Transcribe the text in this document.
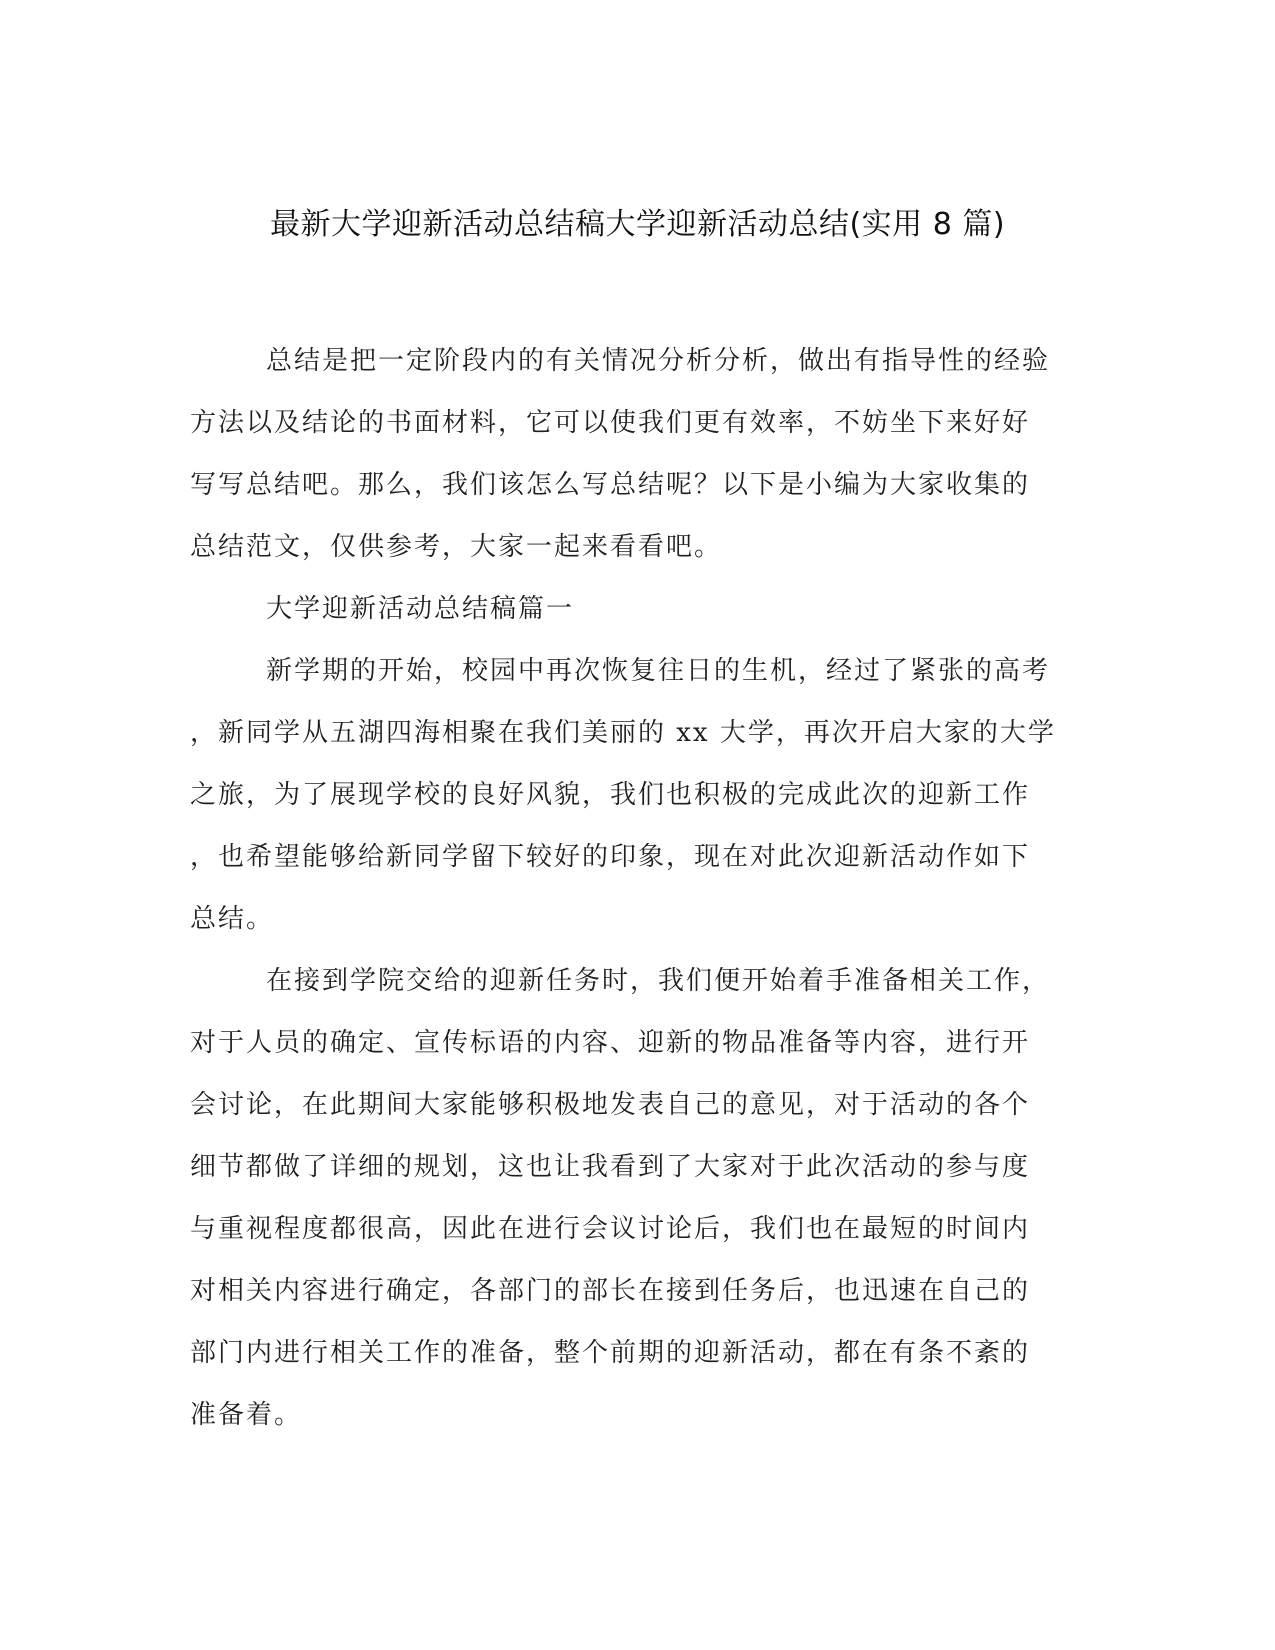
最新大学迎新活动总结稿大学迎新活动总结(实用 8 篇)
总结是把一定阶段内的有关情况分析分析，做出有指导性的经验
方法以及结论的书面材料，它可以使我们更有效率，不妨坐下来好好
写写总结吧。那么，我们该怎么写总结呢？以下是小编为大家收集的
总结范文，仅供参考，大家一起来看看吧。
大学迎新活动总结稿篇一
新学期的开始，校园中再次恢复往日的生机，经过了紧张的高考
，新同学从五湖四海相聚在我们美丽的 xx 大学，再次开启大家的大学
之旅，为了展现学校的良好风貌，我们也积极的完成此次的迎新工作
，也希望能够给新同学留下较好的印象，现在对此次迎新活动作如下
总结。
在接到学院交给的迎新任务时，我们便开始着手准备相关工作，
对于人员的确定、宣传标语的内容、迎新的物品准备等内容，进行开
会讨论，在此期间大家能够积极地发表自己的意见，对于活动的各个
细节都做了详细的规划，这也让我看到了大家对于此次活动的参与度
与重视程度都很高，因此在进行会议讨论后，我们也在最短的时间内
对相关内容进行确定，各部门的部长在接到任务后，也迅速在自己的
部门内进行相关工作的准备，整个前期的迎新活动，都在有条不紊的
准备着。
